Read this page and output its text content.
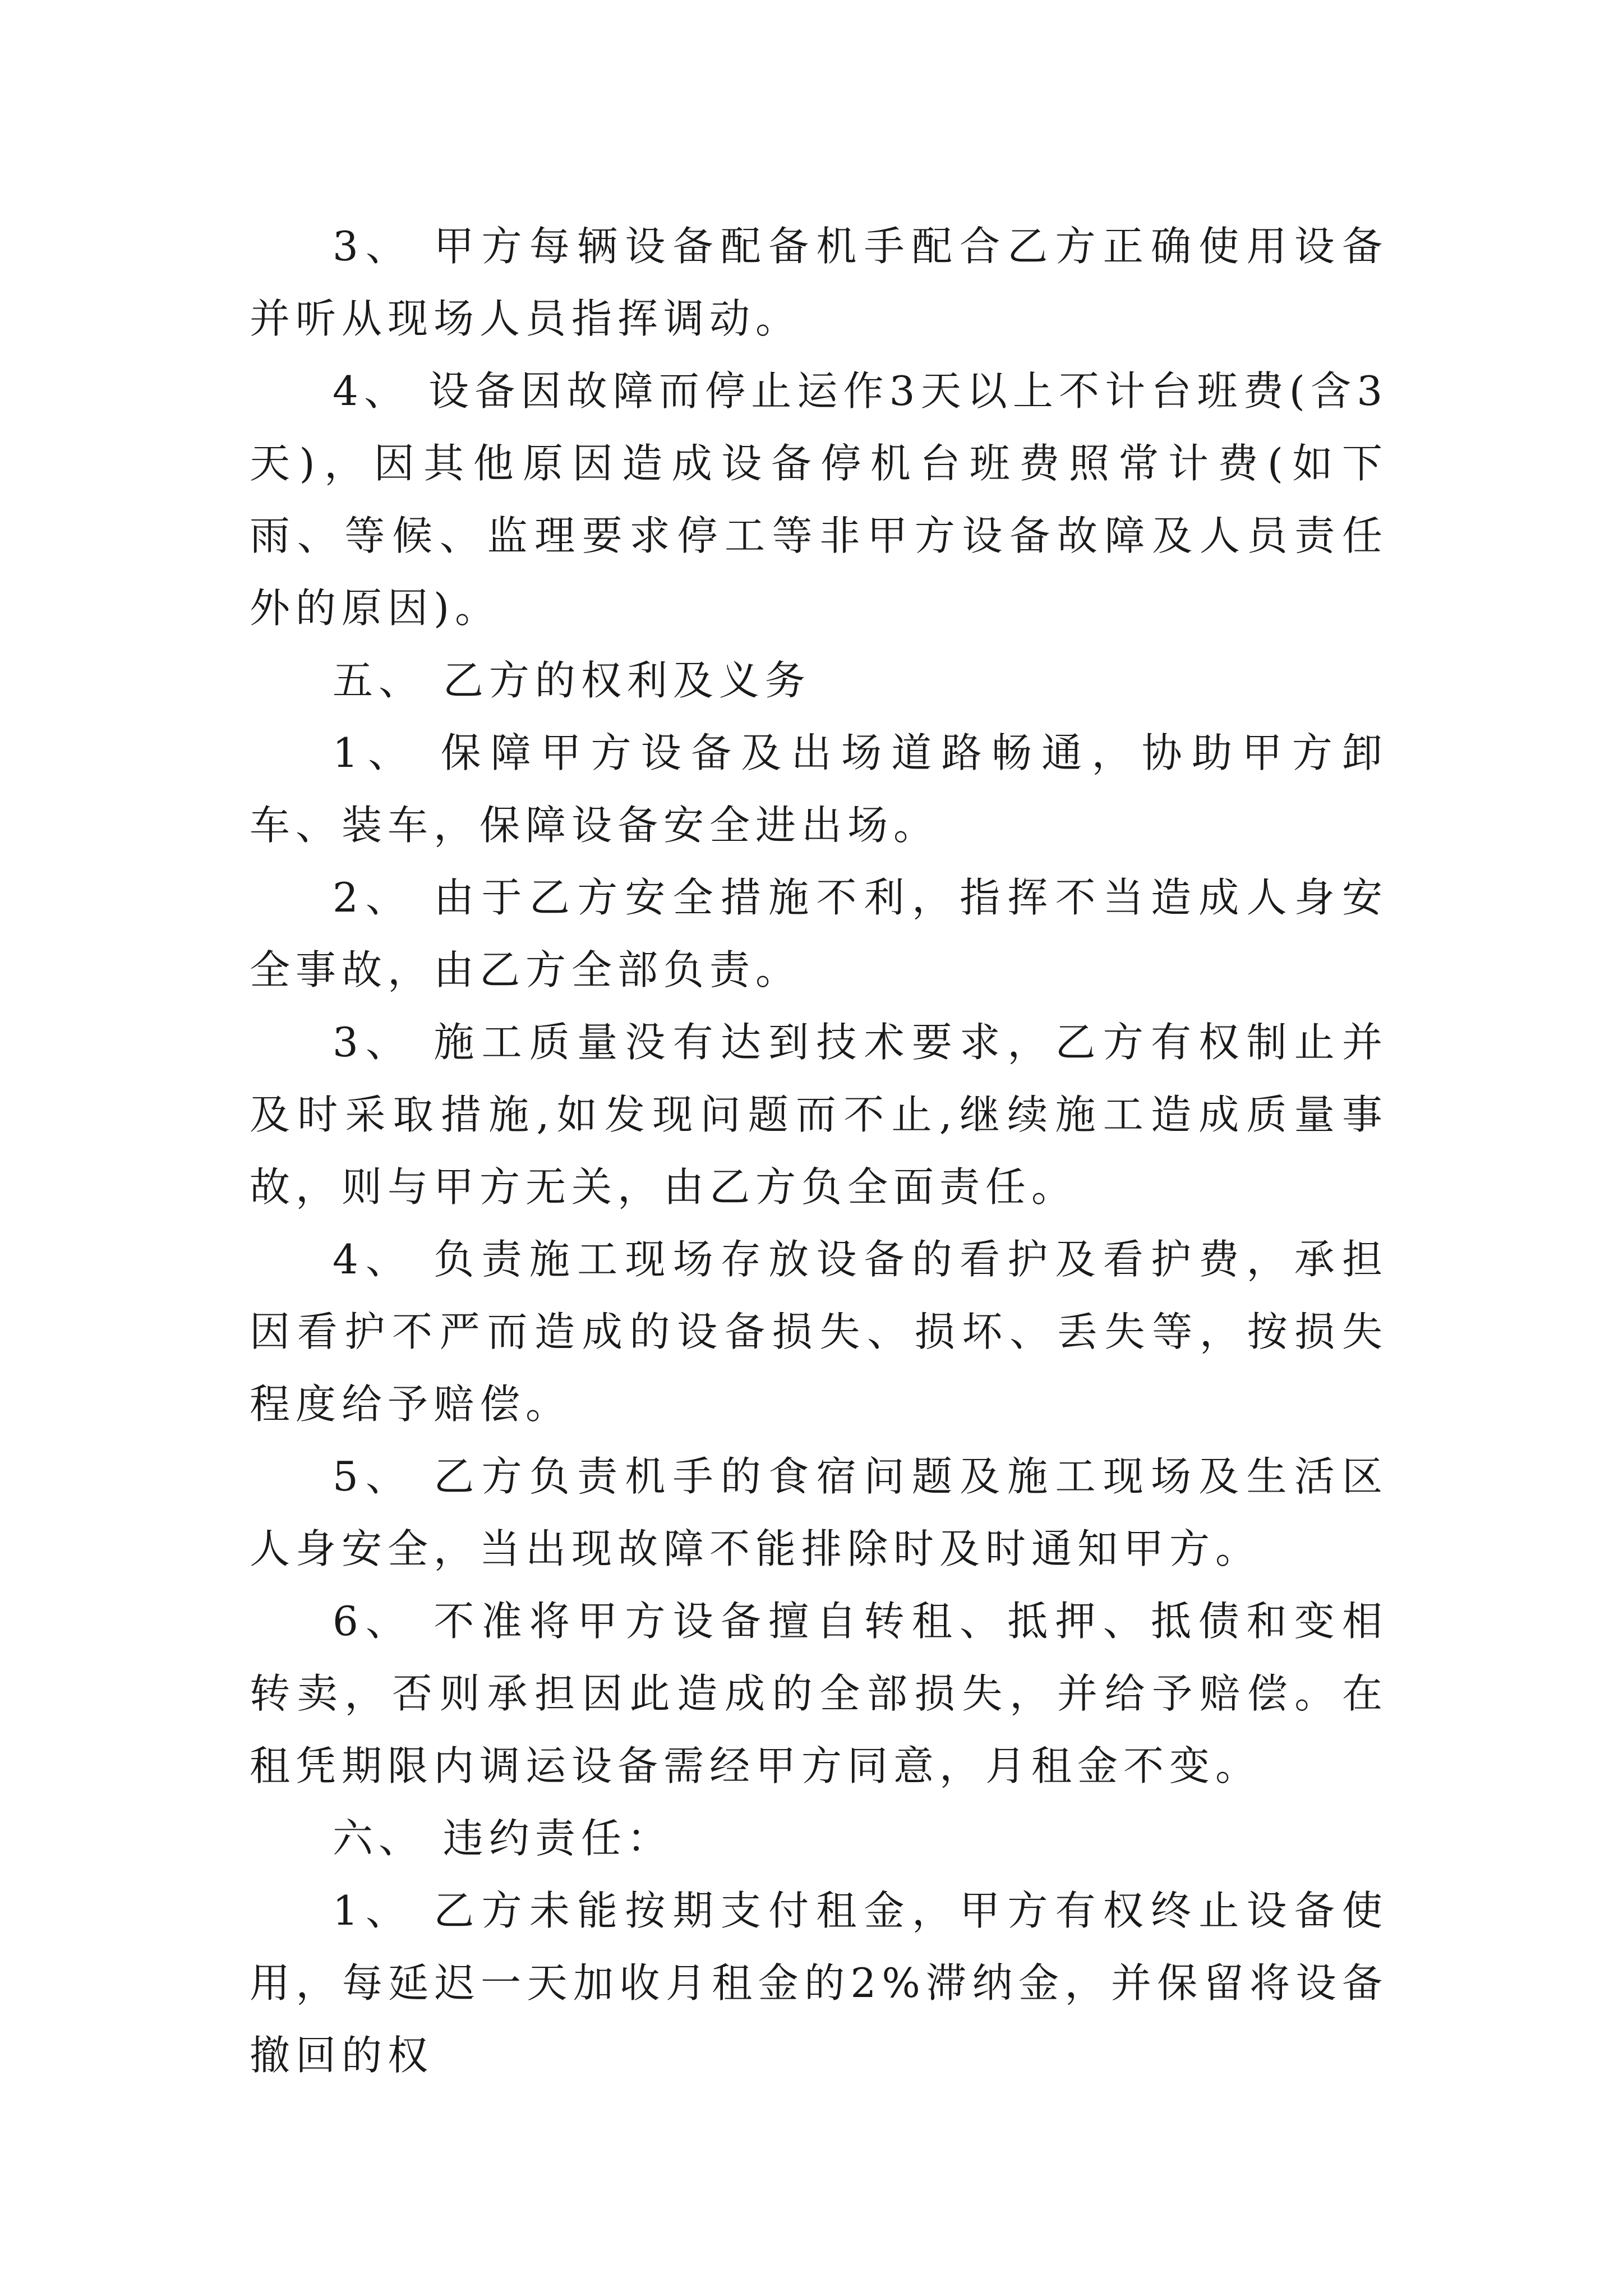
3、 甲方每辆设备配备机手配合乙方正确使用设备并听从现场人员指挥调动。

4、 设备因故障而停止运作3天以上不计台班费(含3天)，因其他原因造成设备停机台班费照常计费(如下雨、等候、监理要求停工等非甲方设备故障及人员责任外的原因)。

五、 乙方的权利及义务

1、 保障甲方设备及出场道路畅通，协助甲方卸车、装车，保障设备安全进出场。

2、 由于乙方安全措施不利，指挥不当造成人身安全事故，由乙方全部负责。

3、 施工质量没有达到技术要求，乙方有权制止并及时采取措施,如发现问题而不止,继续施工造成质量事故，则与甲方无关，由乙方负全面责任。

4、 负责施工现场存放设备的看护及看护费，承担因看护不严而造成的设备损失、损坏、丢失等，按损失程度给予赔偿。

5、 乙方负责机手的食宿问题及施工现场及生活区人身安全，当出现故障不能排除时及时通知甲方。

6、 不准将甲方设备擅自转租、抵押、抵债和变相转卖，否则承担因此造成的全部损失，并给予赔偿。在租凭期限内调运设备需经甲方同意，月租金不变。

六、 违约责任：

1、 乙方未能按期支付租金，甲方有权终止设备使用，每延迟一天加收月租金的2%滞纳金，并保留将设备撤回的权
